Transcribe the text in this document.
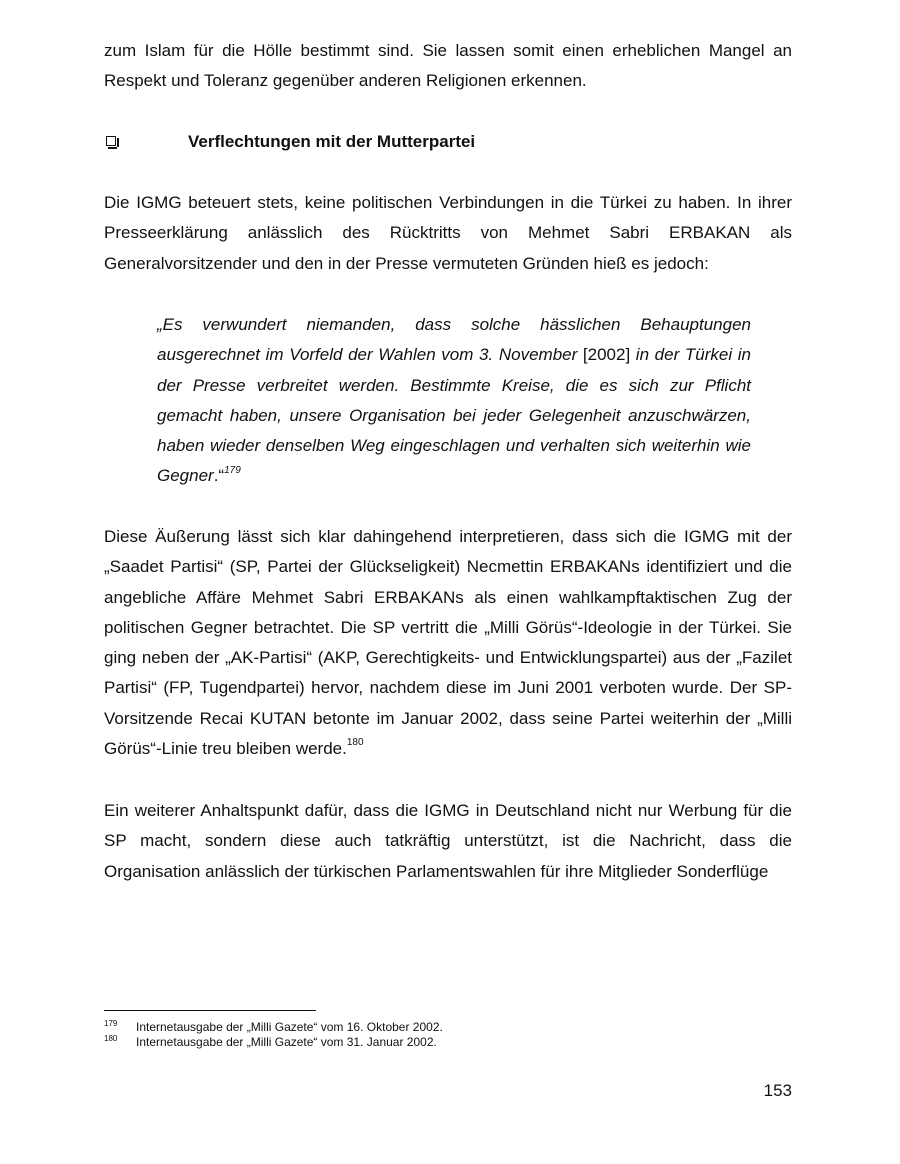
zum Islam für die Hölle bestimmt sind. Sie lassen somit einen erheblichen Mangel an Respekt und Toleranz gegenüber anderen Religionen erkennen.

Verflechtungen mit der Mutterpartei

Die IGMG beteuert stets, keine politischen Verbindungen in die Türkei zu haben. In ihrer Presseerklärung anlässlich des Rücktritts von Mehmet Sabri ERBAKAN als Generalvorsitzender und den in der Presse vermuteten Gründen hieß es jedoch:

„Es verwundert niemanden, dass solche hässlichen Behauptungen ausgerechnet im Vorfeld der Wahlen vom 3. November [2002] in der Türkei in der Presse verbreitet werden. Bestimmte Kreise, die es sich zur Pflicht gemacht haben, unsere Organisation bei jeder Gelegenheit anzuschwärzen, haben wieder denselben Weg eingeschlagen und verhalten sich weiterhin wie Gegner.“$^{179}$

Diese Äußerung lässt sich klar dahingehend interpretieren, dass sich die IGMG mit der „Saadet Partisi“ (SP, Partei der Glückseligkeit) Necmettin ERBAKANs identifiziert und die angebliche Affäre Mehmet Sabri ERBAKANs als einen wahlkampftaktischen Zug der politischen Gegner betrachtet. Die SP vertritt die „Milli Görüs“-Ideologie in der Türkei. Sie ging neben der „AK-Partisi“ (AKP, Gerechtigkeits- und Entwicklungspartei) aus der „Fazilet Partisi“ (FP, Tugendpartei) hervor, nachdem diese im Juni 2001 verboten wurde. Der SP-Vorsitzende Recai KUTAN betonte im Januar 2002, dass seine Partei weiterhin der „Milli Görüs“-Linie treu bleiben werde.$^{180}$

Ein weiterer Anhaltspunkt dafür, dass die IGMG in Deutschland nicht nur Werbung für die SP macht, sondern diese auch tatkräftig unterstützt, ist die Nachricht, dass die Organisation anlässlich der türkischen Parlamentswahlen für ihre Mitglieder Sonderflüge

179 Internetausgabe der „Milli Gazete“ vom 16. Oktober 2002.
180 Internetausgabe der „Milli Gazete“ vom 31. Januar 2002.
153
